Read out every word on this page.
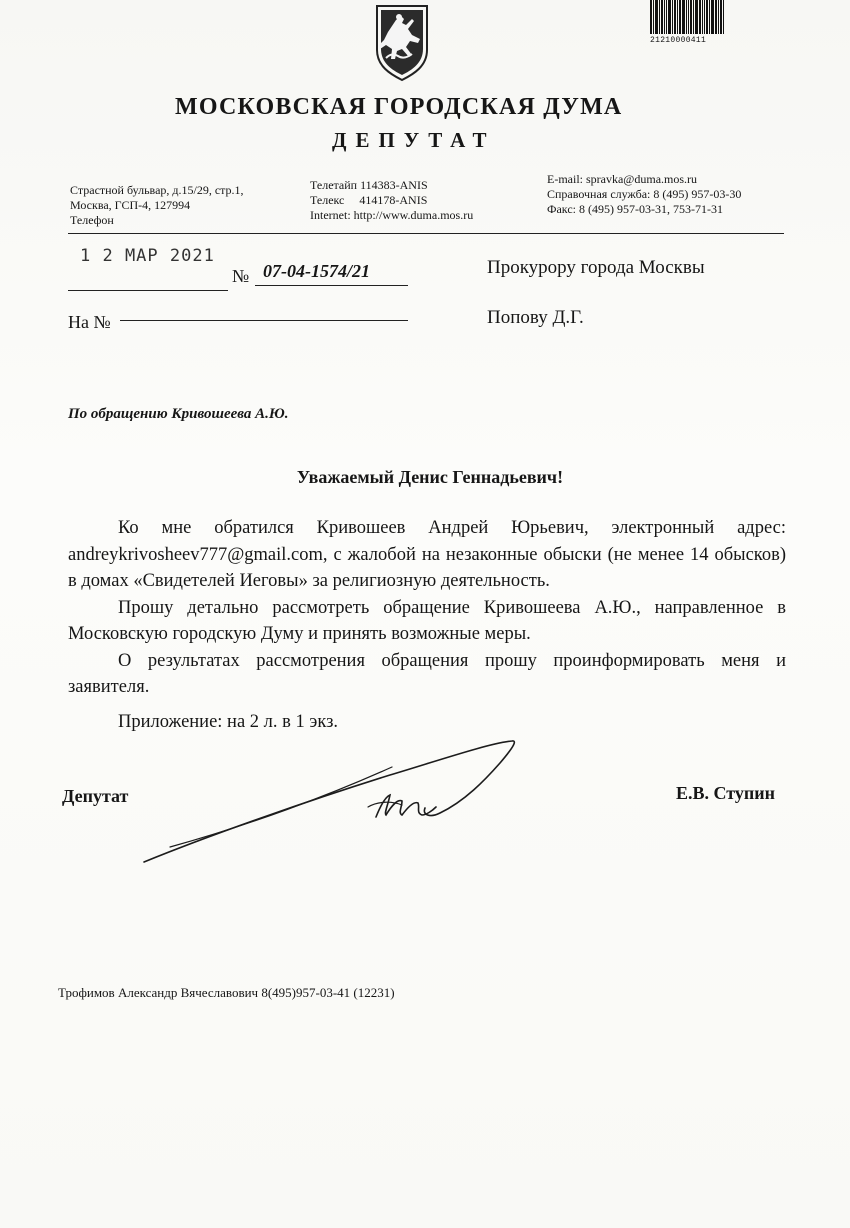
21210000411
МОСКОВСКАЯ ГОРОДСКАЯ ДУМА
ДЕПУТАТ
Страстной бульвар, д.15/29, стр.1,
Москва, ГСП-4, 127994
Телефон
Телетайп 114383-ANIS
Телекс     414178-ANIS
Internet: http://www.duma.mos.ru
E-mail: spravka@duma.mos.ru
Справочная служба: 8 (495) 957-03-30
Факс: 8 (495) 957-03-31, 753-71-31
1 2 МАР 2021
№ 07-04-1574/21
На №
Прокурору города Москвы
Попову Д.Г.
По обращению Кривошеева А.Ю.
Уважаемый Денис Геннадьевич!

Ко мне обратился Кривошеев Андрей Юрьевич, электронный адрес: andreykrivosheev777@gmail.com, с жалобой на незаконные обыски (не менее 14 обысков) в домах «Свидетелей Иеговы» за религиозную деятельность.

Прошу детально рассмотреть обращение Кривошеева А.Ю., направленное в Московскую городскую Думу и принять возможные меры.

О результатах рассмотрения обращения прошу проинформировать меня и заявителя.

Приложение: на 2 л. в 1 экз.
Депутат	Е.В. Ступин
Трофимов Александр Вячеславович 8(495)957-03-41 (12231)
